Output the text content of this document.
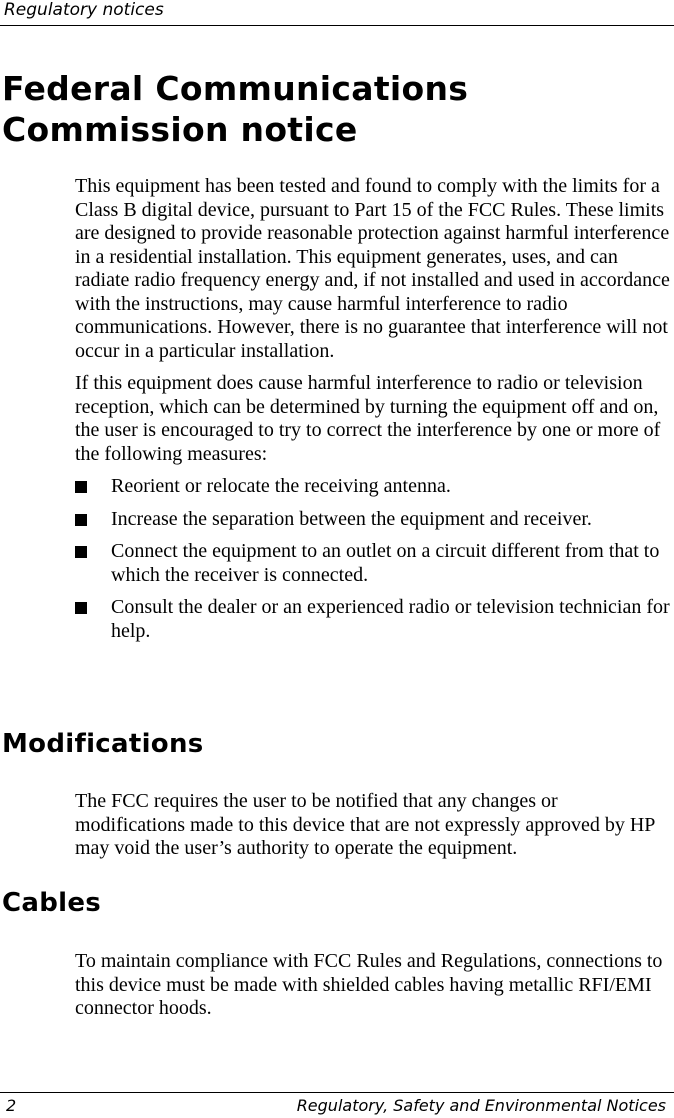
Regulatory notices
Federal Communications Commission notice

This equipment has been tested and found to comply with the limits for a Class B digital device, pursuant to Part 15 of the FCC Rules. These limits are designed to provide reasonable protection against harmful interference in a residential installation. This equipment generates, uses, and can radiate radio frequency energy and, if not installed and used in accordance with the instructions, may cause harmful interference to radio communications. However, there is no guarantee that interference will not occur in a particular installation.

If this equipment does cause harmful interference to radio or television reception, which can be determined by turning the equipment off and on, the user is encouraged to try to correct the interference by one or more of the following measures:

Reorient or relocate the receiving antenna.
Increase the separation between the equipment and receiver.
Connect the equipment to an outlet on a circuit different from that to which the receiver is connected.
Consult the dealer or an experienced radio or television technician for help.
Modifications

The FCC requires the user to be notified that any changes or modifications made to this device that are not expressly approved by HP may void the user’s authority to operate the equipment.

Cables

To maintain compliance with FCC Rules and Regulations, connections to this device must be made with shielded cables having metallic RFI/EMI connector hoods.

2	Regulatory, Safety and Environmental Notices
